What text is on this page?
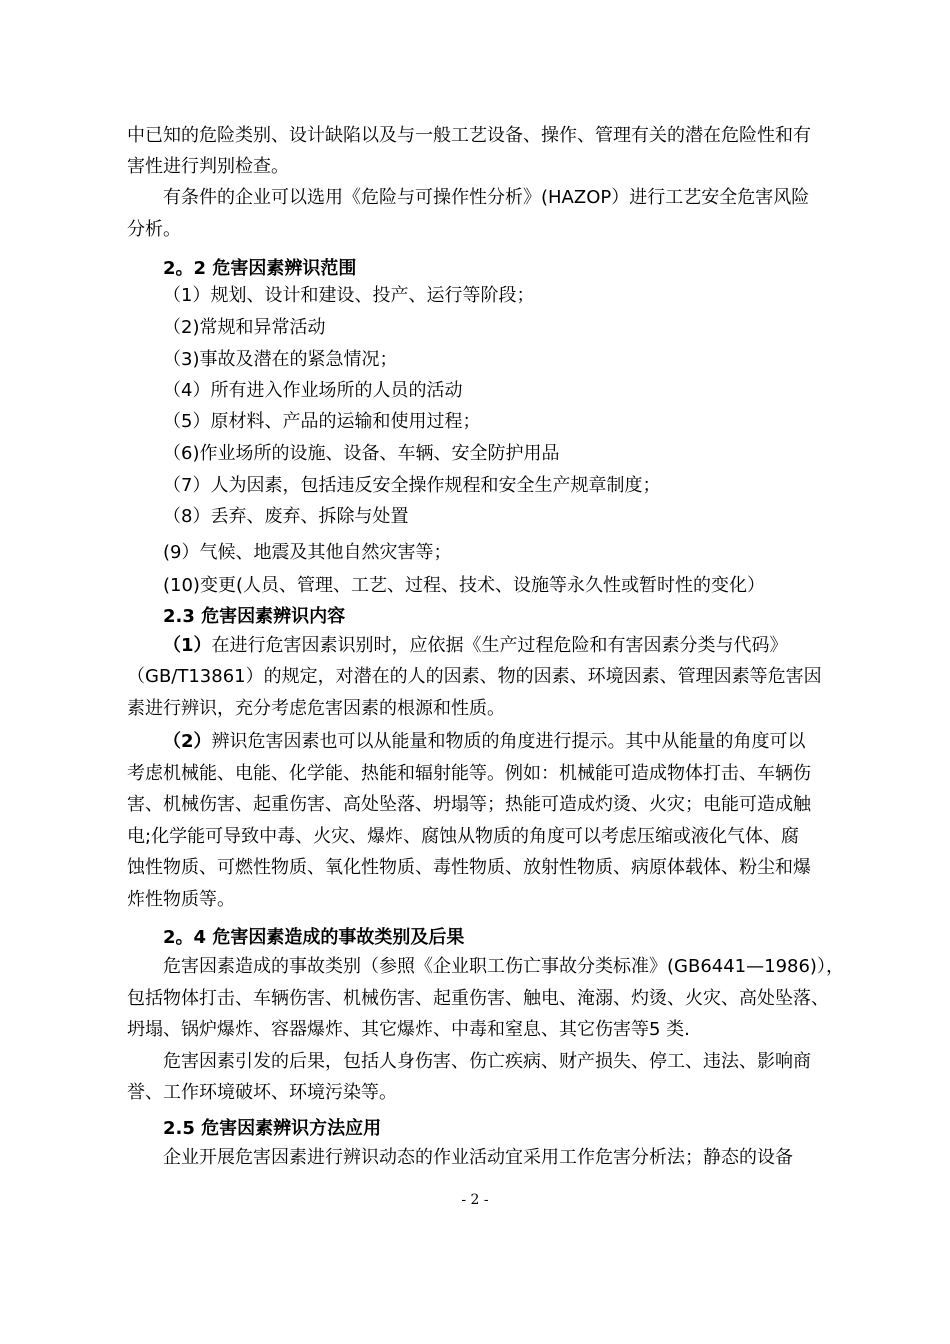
中已知的危险类别、设计缺陷以及与一般工艺设备、操作、管理有关的潜在危险性和有
害性进行判别检查。
有条件的企业可以选用《危险与可操作性分析》(HAZOP）进行工艺安全危害风险
分析。
2。2 危害因素辨识范围
（1）规划、设计和建设、投产、运行等阶段；
（2)常规和异常活动
（3)事故及潜在的紧急情况；
（4）所有进入作业场所的人员的活动
（5）原材料、产品的运输和使用过程；
（6)作业场所的设施、设备、车辆、安全防护用品
（7）人为因素，包括违反安全操作规程和安全生产规章制度；
（8）丢弃、废弃、拆除与处置
(9）气候、地震及其他自然灾害等；
(10)变更(人员、管理、工艺、过程、技术、设施等永久性或暂时性的变化）
2.3 危害因素辨识内容
（1）在进行危害因素识别时，应依据《生产过程危险和有害因素分类与代码》
（GB/T13861）的规定，对潜在的人的因素、物的因素、环境因素、管理因素等危害因
素进行辨识，充分考虑危害因素的根源和性质。
（2）辨识危害因素也可以从能量和物质的角度进行提示。其中从能量的角度可以
考虑机械能、电能、化学能、热能和辐射能等。例如：机械能可造成物体打击、车辆伤
害、机械伤害、起重伤害、高处坠落、坍塌等；热能可造成灼烫、火灾；电能可造成触
电;化学能可导致中毒、火灾、爆炸、腐蚀从物质的角度可以考虑压缩或液化气体、腐
蚀性物质、可燃性物质、氧化性物质、毒性物质、放射性物质、病原体载体、粉尘和爆
炸性物质等。
2。4 危害因素造成的事故类别及后果
危害因素造成的事故类别（参照《企业职工伤亡事故分类标准》(GB6441—1986)），
包括物体打击、车辆伤害、机械伤害、起重伤害、触电、淹溺、灼烫、火灾、高处坠落、
坍塌、锅炉爆炸、容器爆炸、其它爆炸、中毒和窒息、其它伤害等5 类.
危害因素引发的后果，包括人身伤害、伤亡疾病、财产损失、停工、违法、影响商
誉、工作环境破坏、环境污染等。
2.5 危害因素辨识方法应用
企业开展危害因素进行辨识动态的作业活动宜采用工作危害分析法；静态的设备
- 2 -
